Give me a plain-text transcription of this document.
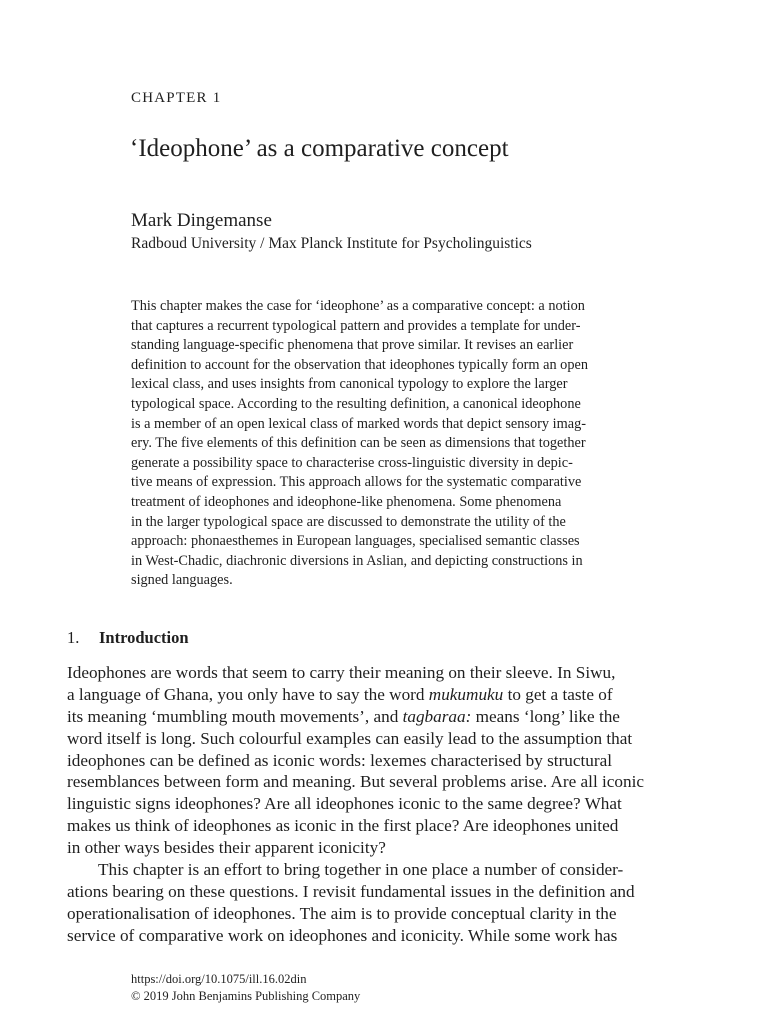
CHAPTER 1
‘Ideophone’ as a comparative concept
Mark Dingemanse
Radboud University / Max Planck Institute for Psycholinguistics
This chapter makes the case for ‘ideophone’ as a comparative concept: a notion
that captures a recurrent typological pattern and provides a template for under-
standing language-specific phenomena that prove similar. It revises an earlier
definition to account for the observation that ideophones typically form an open
lexical class, and uses insights from canonical typology to explore the larger
typological space. According to the resulting definition, a canonical ideophone
is a member of an open lexical class of marked words that depict sensory imag-
ery. The five elements of this definition can be seen as dimensions that together
generate a possibility space to characterise cross-linguistic diversity in depic-
tive means of expression. This approach allows for the systematic comparative
treatment of ideophones and ideophone-like phenomena. Some phenomena
in the larger typological space are discussed to demonstrate the utility of the
approach: phonaesthemes in European languages, specialised semantic classes
in West-Chadic, diachronic diversions in Aslian, and depicting constructions in
signed languages.
1. Introduction
Ideophones are words that seem to carry their meaning on their sleeve. In Siwu,
a language of Ghana, you only have to say the word mukumuku to get a taste of
its meaning ‘mumbling mouth movements’, and tagbaraa: means ‘long’ like the
word itself is long. Such colourful examples can easily lead to the assumption that
ideophones can be defined as iconic words: lexemes characterised by structural
resemblances between form and meaning. But several problems arise. Are all iconic
linguistic signs ideophones? Are all ideophones iconic to the same degree? What
makes us think of ideophones as iconic in the first place? Are ideophones united
in other ways besides their apparent iconicity?
This chapter is an effort to bring together in one place a number of consider-
ations bearing on these questions. I revisit fundamental issues in the definition and
operationalisation of ideophones. The aim is to provide conceptual clarity in the
service of comparative work on ideophones and iconicity. While some work has
https://doi.org/10.1075/ill.16.02din
© 2019 John Benjamins Publishing Company
